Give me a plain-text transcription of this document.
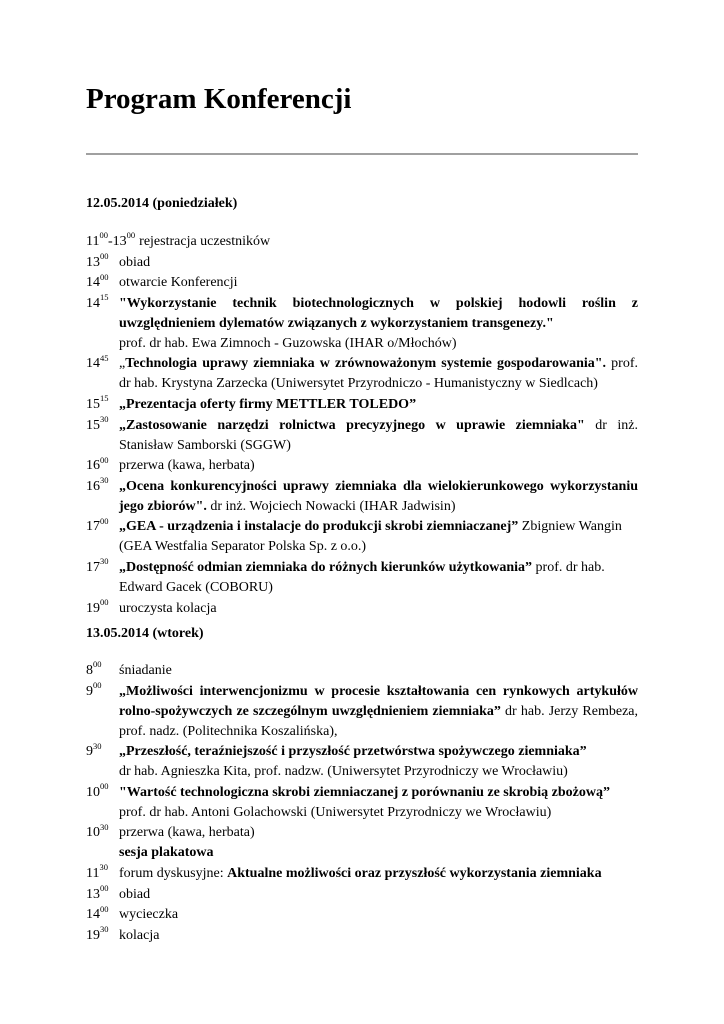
Program Konferencji

12.05.2014 (poniedziałek)

$11^{00}-13^{00}$ rejestracja uczestników
$13^{00}$ obiad
$14^{00}$ otwarcie Konferencji
$14^{15}$ "Wykorzystanie technik biotechnologicznych w polskiej hodowli roślin z uwzględnieniem dylematów związanych z wykorzystaniem transgenezy."
prof. dr hab. Ewa Zimnoch - Guzowska (IHAR o/Młochów)
$14^{45}$ „Technologia uprawy ziemniaka w zrównoważonym systemie gospodarowania". prof. dr hab. Krystyna Zarzecka (Uniwersytet Przyrodniczo - Humanistyczny w Siedlcach)
$15^{15}$ „Prezentacja oferty firmy METTLER TOLEDO”
$15^{30}$ „Zastosowanie narzędzi rolnictwa precyzyjnego w uprawie ziemniaka" dr inż. Stanisław Samborski (SGGW)
$16^{00}$ przerwa (kawa, herbata)
$16^{30}$ „Ocena konkurencyjności uprawy ziemniaka dla wielokierunkowego wykorzystaniu jego zbiorów". dr inż. Wojciech Nowacki (IHAR Jadwisin)
$17^{00}$ „GEA - urządzenia i instalacje do produkcji skrobi ziemniaczanej” Zbigniew Wangin (GEA Westfalia Separator Polska Sp. z o.o.)
$17^{30}$ „Dostępność odmian ziemniaka do różnych kierunków użytkowania” prof. dr hab. Edward Gacek (COBORU)
$19^{00}$ uroczysta kolacja

13.05.2014 (wtorek)

$8^{00}$	śniadanie
$9^{00}$	„Możliwości interwencjonizmu w procesie kształtowania cen rynkowych artykułów rolno-spożywczych ze szczególnym uwzględnieniem ziemniaka” dr hab. Jerzy Rembeza, prof. nadz. (Politechnika Koszalińska),
$9^{30}$	„Przeszłość, teraźniejszość i przyszłość przetwórstwa spożywczego ziemniaka”
dr hab. Agnieszka Kita, prof. nadzw. (Uniwersytet Przyrodniczy we Wrocławiu)
$10^{00}$ "Wartość technologiczna skrobi ziemniaczanej z porównaniu ze skrobią zbożową”
prof. dr hab. Antoni Golachowski (Uniwersytet Przyrodniczy we Wrocławiu)
$10^{30}$ przerwa (kawa, herbata)
sesja plakatowa
$11^{30}$ forum dyskusyjne: Aktualne możliwości oraz przyszłość wykorzystania ziemniaka
$13^{00}$ obiad
$14^{00}$ wycieczka
$19^{30}$ kolacja
